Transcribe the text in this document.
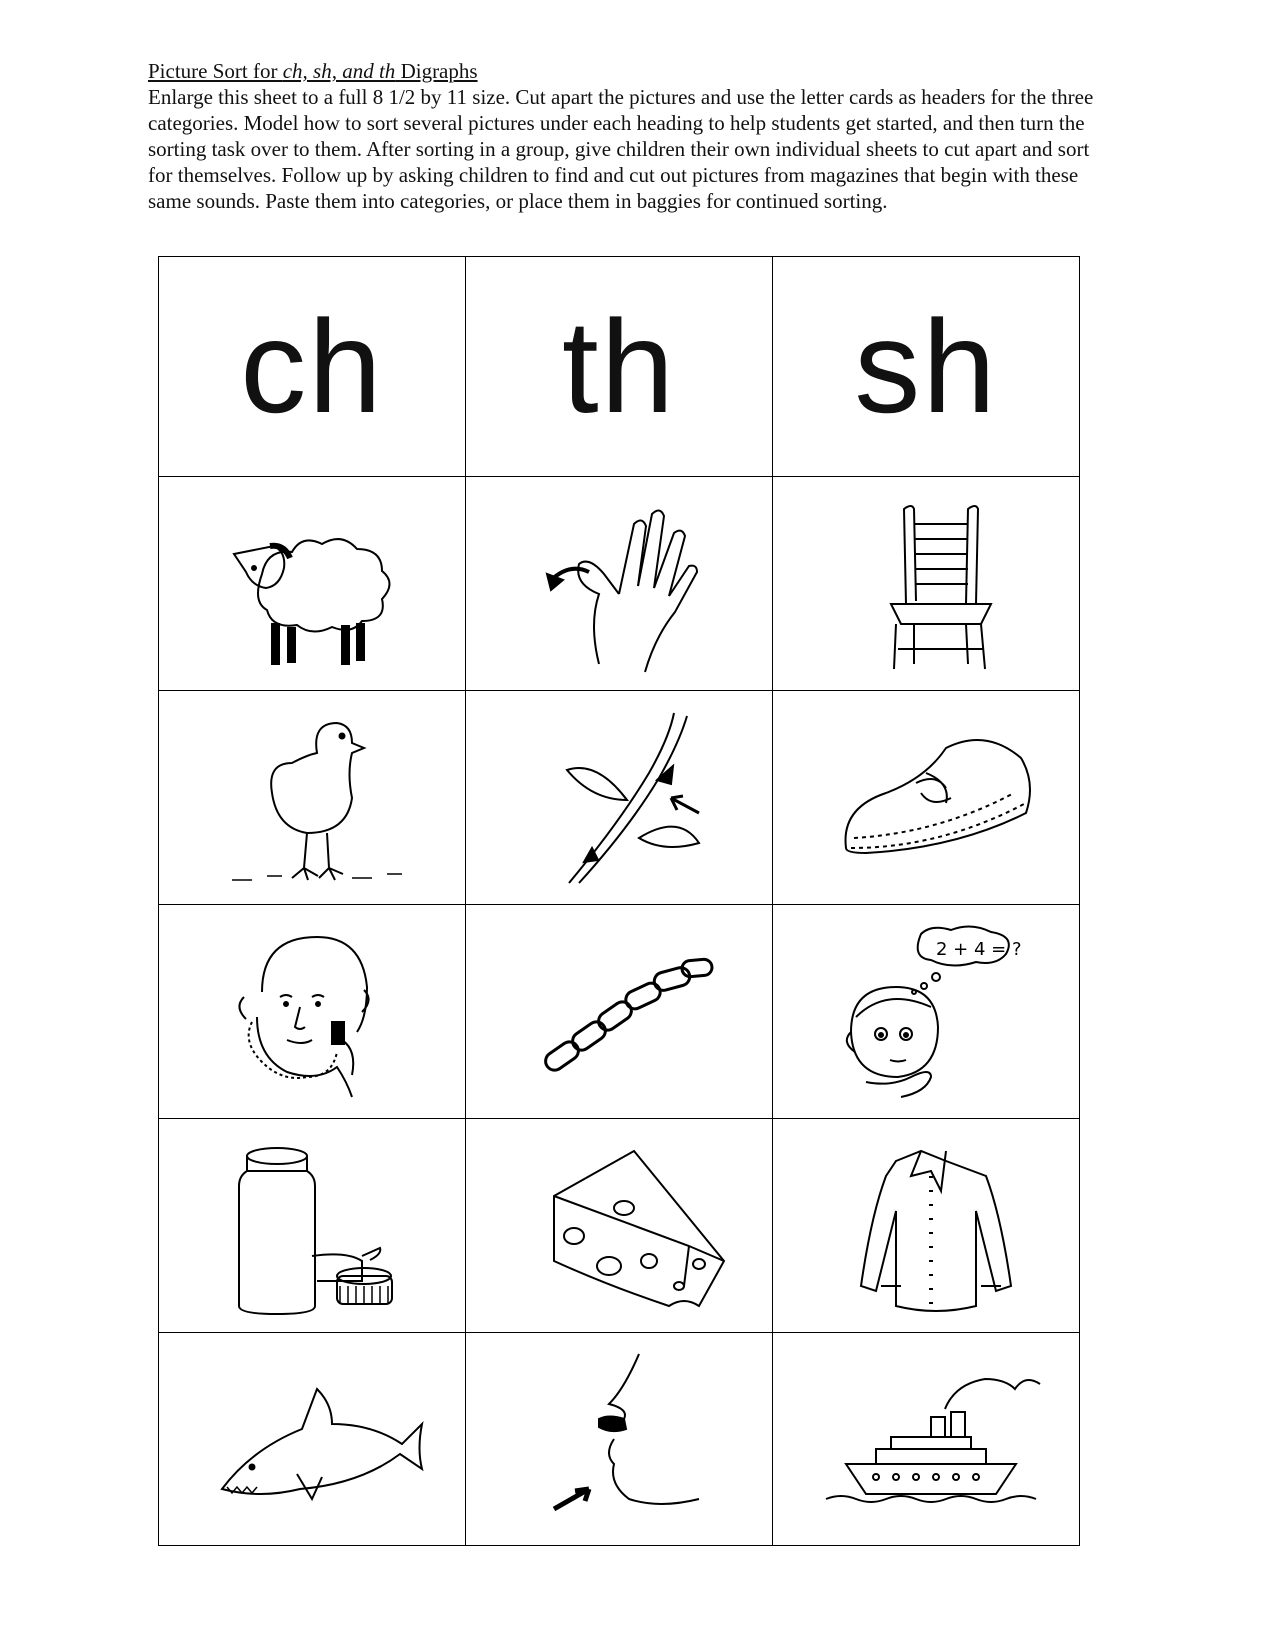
Picture Sort for ch, sh, and th Digraphs
Enlarge this sheet to a full 8 1/2 by 11 size. Cut apart the pictures and use the letter cards as headers for the three categories. Model how to sort several pictures under each heading to help students get started, and then turn the sorting task over to them. After sorting in a group, give children their own individual sheets to cut apart and sort for themselves. Follow up by asking children to find and cut out pictures from magazines that begin with these same sounds. Paste them into categories, or place them in baggies for continued sorting.
ch th sh
2 + 4 = ?
